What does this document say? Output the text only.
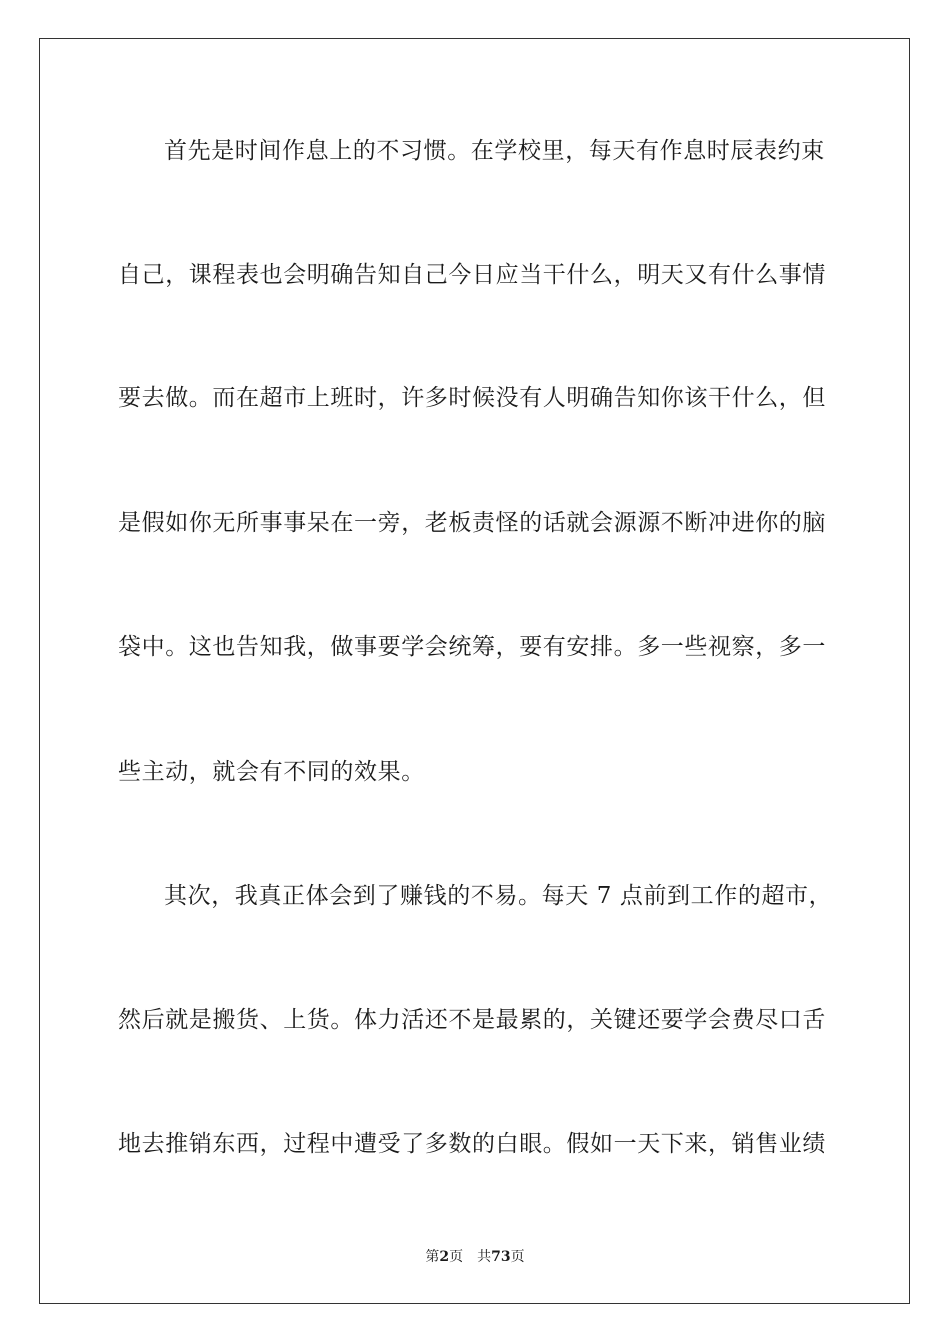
首先是时间作息上的不习惯。在学校里，每天有作息时辰表约束
自己，课程表也会明确告知自己今日应当干什么，明天又有什么事情
要去做。而在超市上班时，许多时候没有人明确告知你该干什么，但
是假如你无所事事呆在一旁，老板责怪的话就会源源不断冲进你的脑
袋中。这也告知我，做事要学会统筹，要有安排。多一些视察，多一
些主动，就会有不同的效果。
其次，我真正体会到了赚钱的不易。每天 7 点前到工作的超市，
然后就是搬货、上货。体力活还不是最累的，关键还要学会费尽口舌
地去推销东西，过程中遭受了多数的白眼。假如一天下来，销售业绩
第2页 共73页
